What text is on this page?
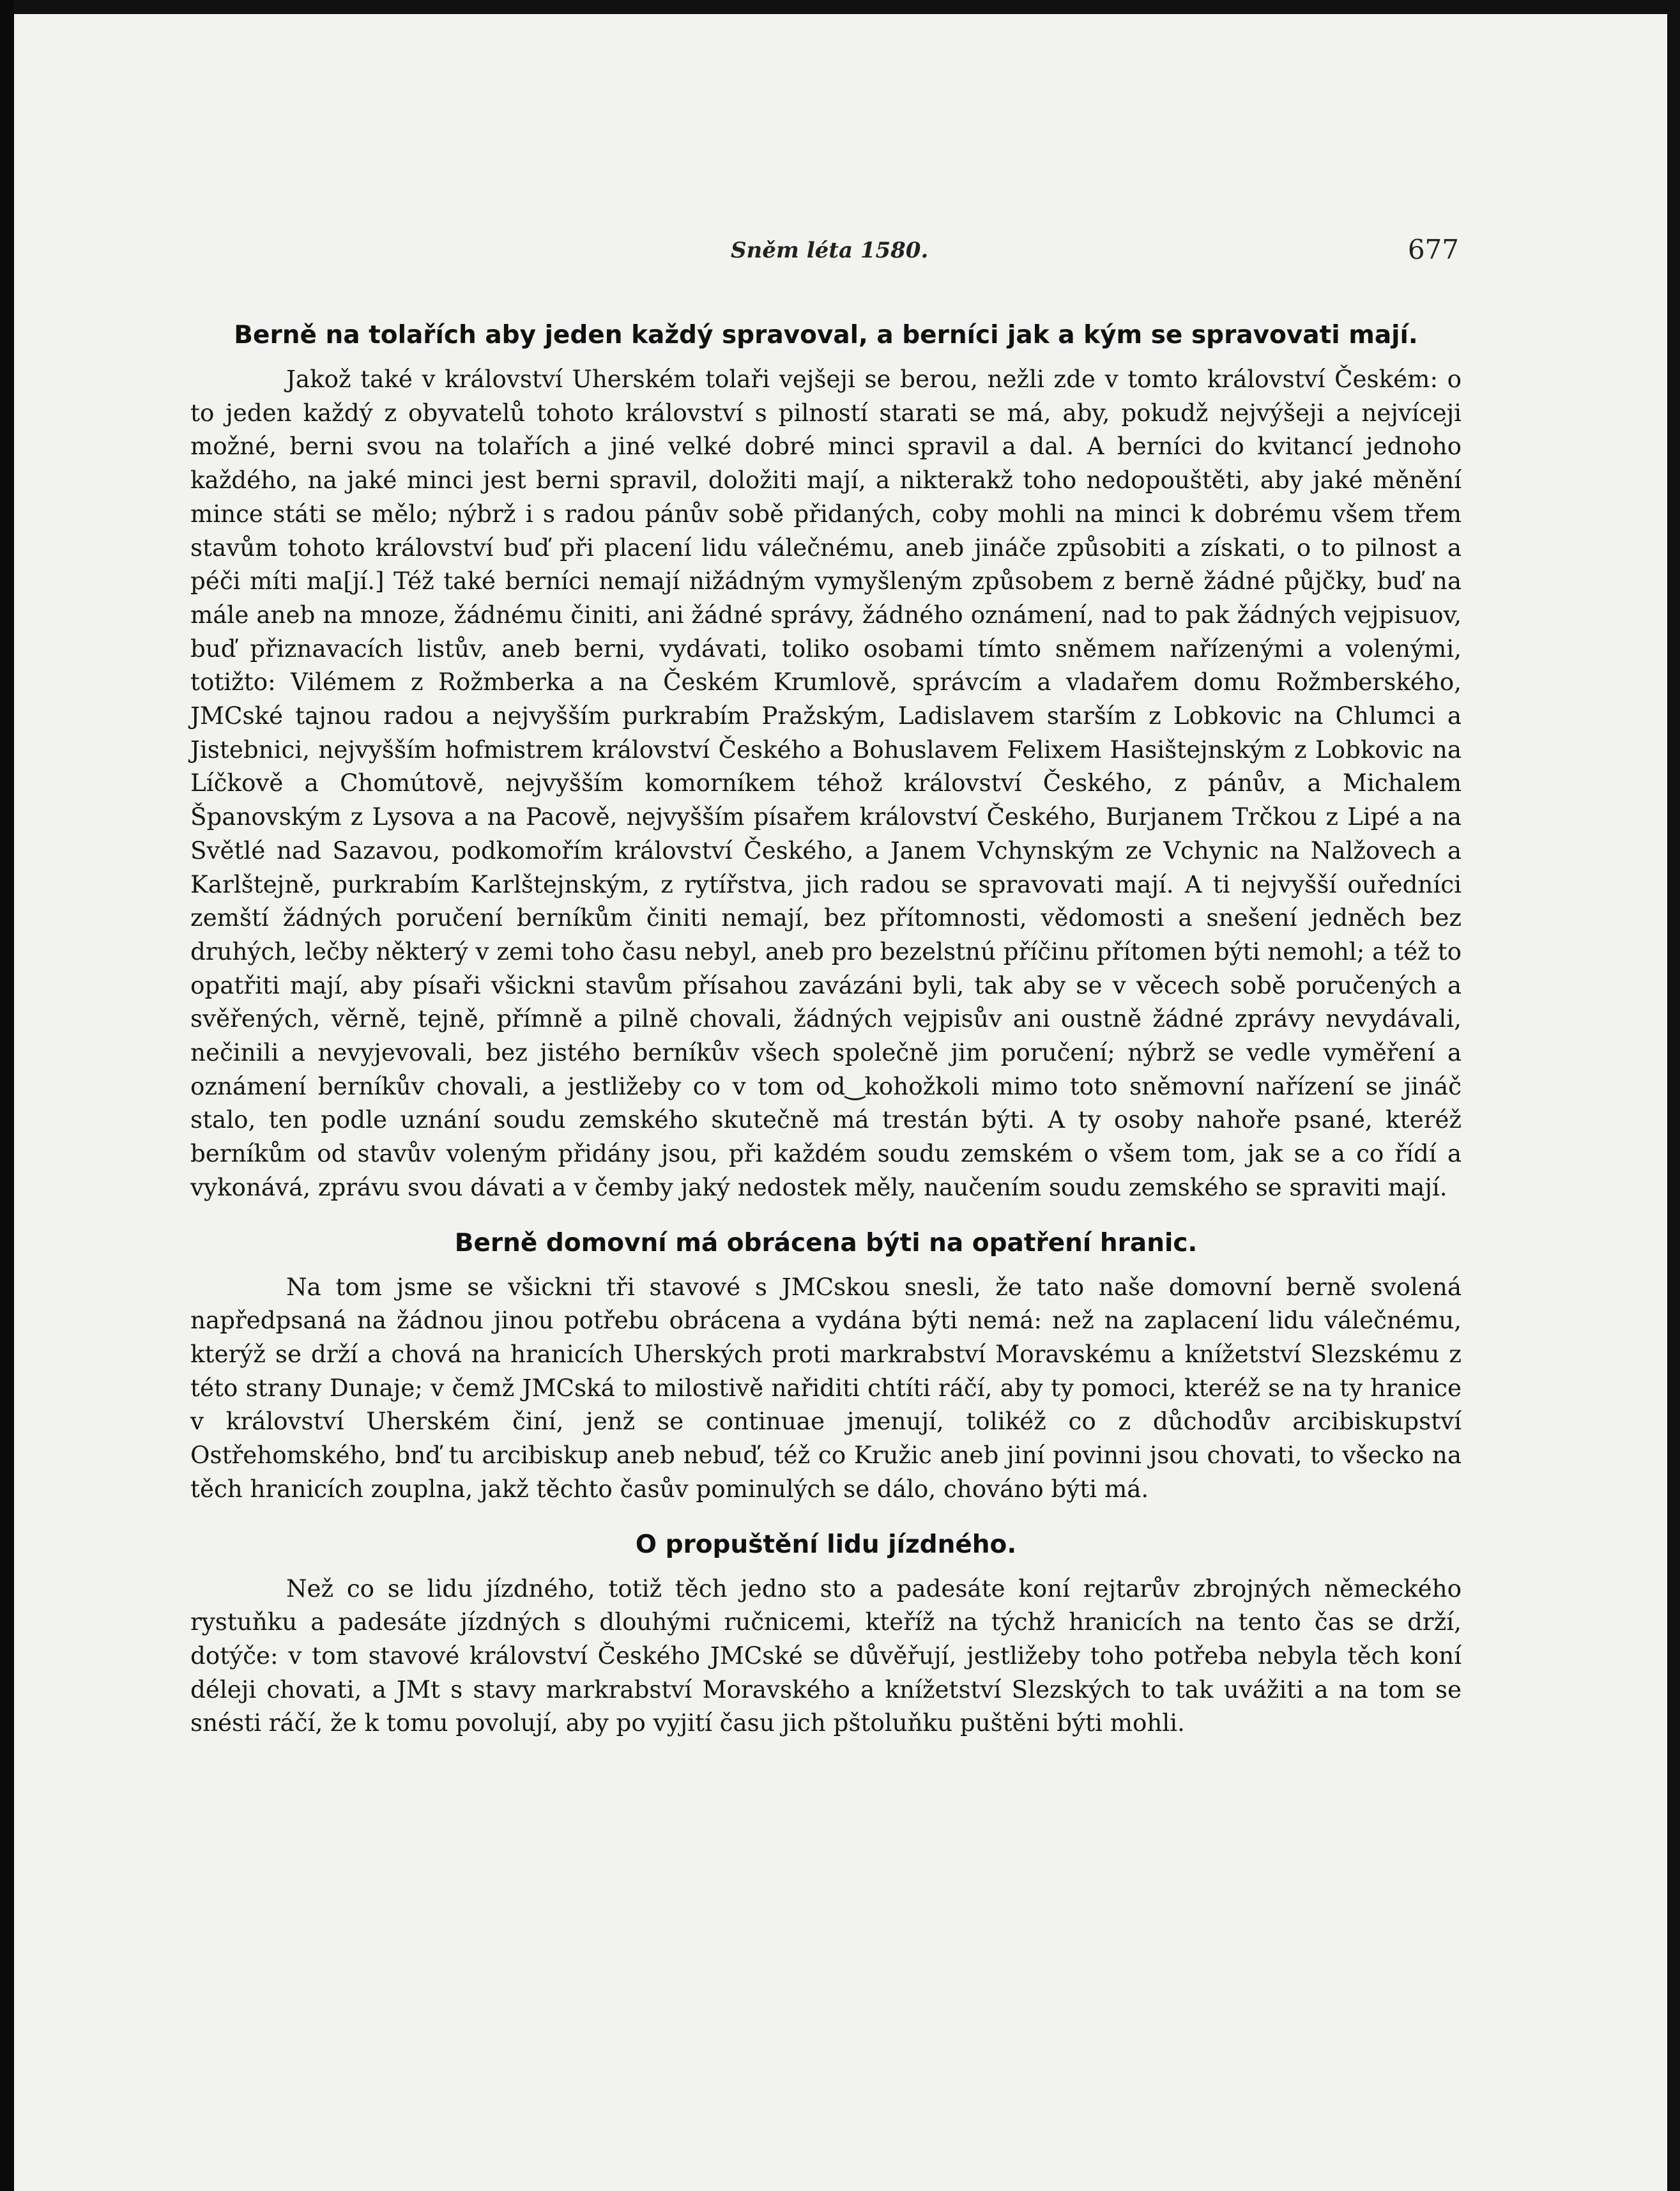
Sněm léta 1580.	677
Berně na tolařích aby jeden každý spravoval, a berníci jak a kým se spravovati mají.

Jakož také v království Uherském tolaři vejšeji se berou, nežli zde v tomto království Českém: o to jeden každý z obyvatelů tohoto království s pilností starati se má, aby, pokudž nejvýšeji a nejvíceji možné, berni svou na tolařích a jiné velké dobré minci spravil a dal. A berníci do kvitancí jednoho každého, na jaké minci jest berni spravil, doložiti mají, a nikterakž toho nedopouštěti, aby jaké měnění mince státi se mělo; nýbrž i s radou pánův sobě přidaných, coby mohli na minci k dobrému všem třem stavům tohoto království buď při placení lidu válečnému, aneb jináče způsobiti a získati, o to pilnost a péči míti ma[jí.] Též také berníci nemají nižádným vymyšleným způsobem z berně žádné půjčky, buď na mále aneb na mnoze, žádnému činiti, ani žádné správy, žádného oznámení, nad to pak žádných vejpisuov, buď přiznavacích listův, aneb berni, vydávati, toliko osobami tímto sněmem nařízenými a volenými, totižto: Vilémem z Rožmberka a na Českém Krumlově, správcím a vladařem domu Rožmberského, JMCské tajnou radou a nejvyšším purkrabím Pražským, Ladislavem starším z Lobkovic na Chlumci a Jistebnici, nejvyšším hofmistrem království Českého a Bohuslavem Felixem Hasištejnským z Lobkovic na Líčkově a Chomútově, nejvyšším komorníkem téhož království Českého, z pánův, a Michalem Španovským z Lysova a na Pacově, nejvyšším písařem království Českého, Burjanem Trčkou z Lipé a na Světlé nad Sazavou, podkomořím království Českého, a Janem Vchynským ze Vchynic na Nalžovech a Karlštejně, purkrabím Karlštejnským, z rytířstva, jich radou se spravovati mají. A ti nejvyšší ouředníci zemští žádných poručení berníkům činiti nemají, bez přítomnosti, vědomosti a snešení jedněch bez druhých, lečby některý v zemi toho času nebyl, aneb pro bezelstnú příčinu přítomen býti nemohl; a též to opatřiti mají, aby písaři všickni stavům přísahou zavázáni byli, tak aby se v věcech sobě poručených a svěřených, věrně, tejně, přímně a pilně chovali, žádných vejpisův ani oustně žádné zprávy nevydávali, nečinili a nevyjevovali, bez jistého berníkův všech společně jim poručení; nýbrž se vedle vyměření a oznámení berníkův chovali, a jestližeby co v tom od‿kohožkoli mimo toto sněmovní nařízení se jináč stalo, ten podle uznání soudu zemského skutečně má trestán býti. A ty osoby nahoře psané, kteréž berníkům od stavův voleným přidány jsou, při každém soudu zemském o všem tom, jak se a co řídí a vykonává, zprávu svou dávati a v čemby jaký nedostek měly, naučením soudu zemského se spraviti mají.

Berně domovní má obrácena býti na opatření hranic.

Na tom jsme se všickni tři stavové s JMCskou snesli, že tato naše domovní berně svolená napředpsaná na žádnou jinou potřebu obrácena a vydána býti nemá: než na zaplacení lidu válečnému, kterýž se drží a chová na hranicích Uherských proti markrabství Moravskému a knížetství Slezskému z této strany Dunaje; v čemž JMCská to milostivě nařiditi chtíti ráčí, aby ty pomoci, kteréž se na ty hranice v království Uherském činí, jenž se continuae jmenují, tolikéž co z důchodův arcibiskupství Ostřehomského, bnď tu arcibiskup aneb nebuď, též co Kružic aneb jiní povinni jsou chovati, to všecko na těch hranicích zouplna, jakž těchto časův pominulých se dálo, chováno býti má.

O propuštění lidu jízdného.

Než co se lidu jízdného, totiž těch jedno sto a padesáte koní rejtarův zbrojných německého rystuňku a padesáte jízdných s dlouhými ručnicemi, kteříž na týchž hranicích na tento čas se drží, dotýče: v tom stavové království Českého JMCské se důvěřují, jestližeby toho potřeba nebyla těch koní déleji chovati, a JMt s stavy markrabství Moravského a knížetství Slezských to tak uvážiti a na tom se snésti ráčí, že k tomu povolují, aby po vyjití času jich pštoluňku puštěni býti mohli.
